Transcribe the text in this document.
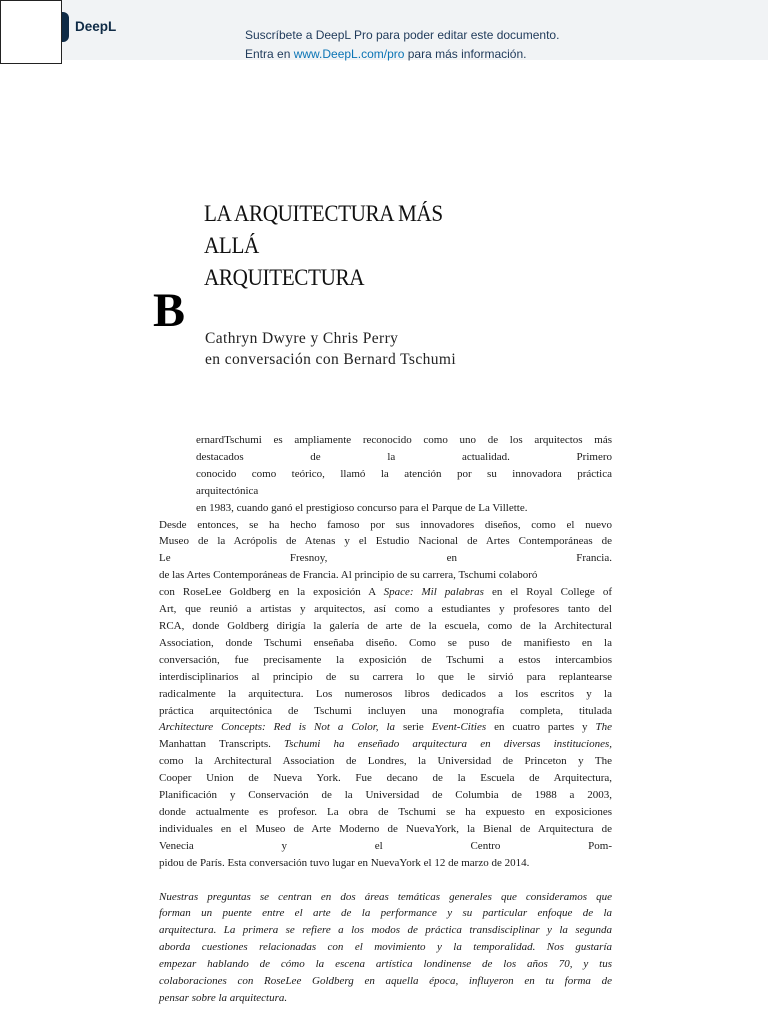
DeepL
Suscríbete a DeepL Pro para poder editar este documento.
Entra en www.DeepL.com/pro para más información.
LA ARQUITECTURA MÁS
ALLÁ
ARQUITECTURA
B
Cathryn Dwyre y Chris Perry
en conversación con Bernard Tschumi

ernardTschumi es ampliamente reconocido como uno de los arquitectos más

destacados de la actualidad. Primero

conocido como teórico, llamó la atención por su innovadora práctica

arquitectónica

en 1983, cuando ganó el prestigioso concurso para el Parque de La Villette.

Desde entonces, se ha hecho famoso por sus innovadores diseños, como el nuevo

Museo de la Acrópolis de Atenas y el Estudio Nacional de Artes Contemporáneas de

Le Fresnoy, en Francia.

de las Artes Contemporáneas de Francia. Al principio de su carrera, Tschumi colaboró

con RoseLee Goldberg en la exposición A Space: Mil palabras en el Royal College of

Art, que reunió a artistas y arquitectos, así como a estudiantes y profesores tanto del

RCA, donde Goldberg dirigía la galería de arte de la escuela, como de la Architectural

Association, donde Tschumi enseñaba diseño. Como se puso de manifiesto en la

conversación, fue precisamente la exposición de Tschumi a estos intercambios

interdisciplinarios al principio de su carrera lo que le sirvió para replantearse

radicalmente la arquitectura. Los numerosos libros dedicados a los escritos y la

práctica arquitectónica de Tschumi incluyen una monografía completa, titulada

Architecture Concepts: Red is Not a Color, la serie Event-Cities en cuatro partes y The

Manhattan Transcripts. Tschumi ha enseñado arquitectura en diversas instituciones,

como la Architectural Association de Londres, la Universidad de Princeton y The

Cooper Union de Nueva York. Fue decano de la Escuela de Arquitectura,

Planificación y Conservación de la Universidad de Columbia de 1988 a 2003,

donde actualmente es profesor. La obra de Tschumi se ha expuesto en exposiciones

individuales en el Museo de Arte Moderno de NuevaYork, la Bienal de Arquitectura de

Venecia y el Centro Pom-

pidou de París. Esta conversación tuvo lugar en NuevaYork el 12 de marzo de 2014.

Nuestras preguntas se centran en dos áreas temáticas generales que consideramos que

forman un puente entre el arte de la performance y su particular enfoque de la

arquitectura. La primera se refiere a los modos de práctica transdisciplinar y la segunda

aborda cuestiones relacionadas con el movimiento y la temporalidad. Nos gustaría

empezar hablando de cómo la escena artística londinense de los años 70, y tus

colaboraciones con RoseLee Goldberg en aquella época, influyeron en tu forma de

pensar sobre la arquitectura.
